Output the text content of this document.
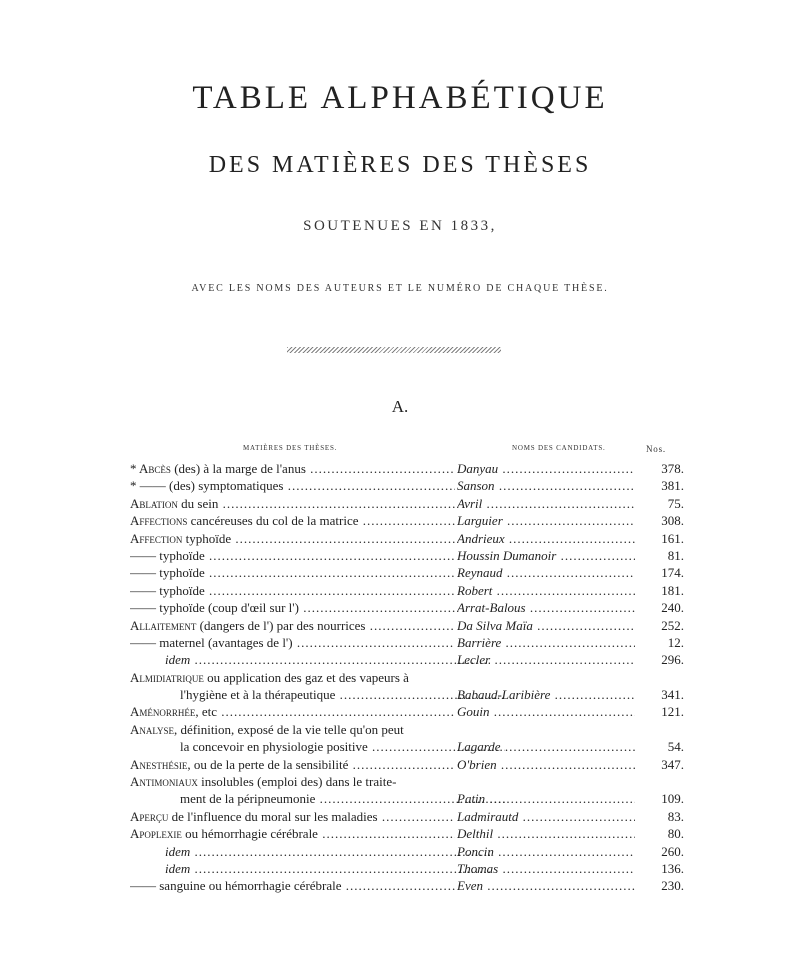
TABLE ALPHABÉTIQUE
DES MATIÈRES DES THÈSES
SOUTENUES EN 1833,
AVEC LES NOMS DES AUTEURS ET LE NUMÉRO DE CHAQUE THÈSE.
A.
MATIÈRES DES THÈSES.	NOMS DES CANDIDATS.	Nos.
* Abcès (des) à la marge de l'anus .....	Danyau .....	378.
* —— (des) symptomatiques .....	Sanson .....	381.
Ablation du sein .....	Avril .....	75.
Affections cancéreuses du col de la matrice .....	Larguier .....	308.
Affection typhoïde .....	Andrieux .....	161.
—— typhoïde .....	Houssin Dumanoir .....	81.
—— typhoïde .....	Reynaud .....	174.
—— typhoïde .....	Robert .....	181.
—— typhoïde (coup d'œil sur l') .....	Arrat-Balous .....	240.
Allaitement (dangers de l') par des nourrices .....	Da Silva Maïa .....	252.
—— maternel (avantages de l') .....	Barrière .....	12.
idem .....	Lecler .....	296.
Almidiatrique ou application des gaz et des vapeurs à
l'hygiène et à la thérapeutique .....	Babaud-Laribière .....	341.
Aménorrhée, etc .....	Gouin .....	121.
Analyse, définition, exposé de la vie telle qu'on peut
la concevoir en physiologie positive .....	Lagarde .....	54.
Anesthésie, ou de la perte de la sensibilité .....	O'brien .....	347.
Antimoniaux insolubles (emploi des) dans le traite-
ment de la péripneumonie .....	Patin .....	109.
Aperçu de l'influence du moral sur les maladies .....	Ladmirautd .....	83.
Apoplexie ou hémorrhagie cérébrale .....	Delthil .....	80.
idem .....	Poncin .....	260.
idem .....	Thomas .....	136.
—— sanguine ou hémorrhagie cérébrale .....	Even .....	230.
